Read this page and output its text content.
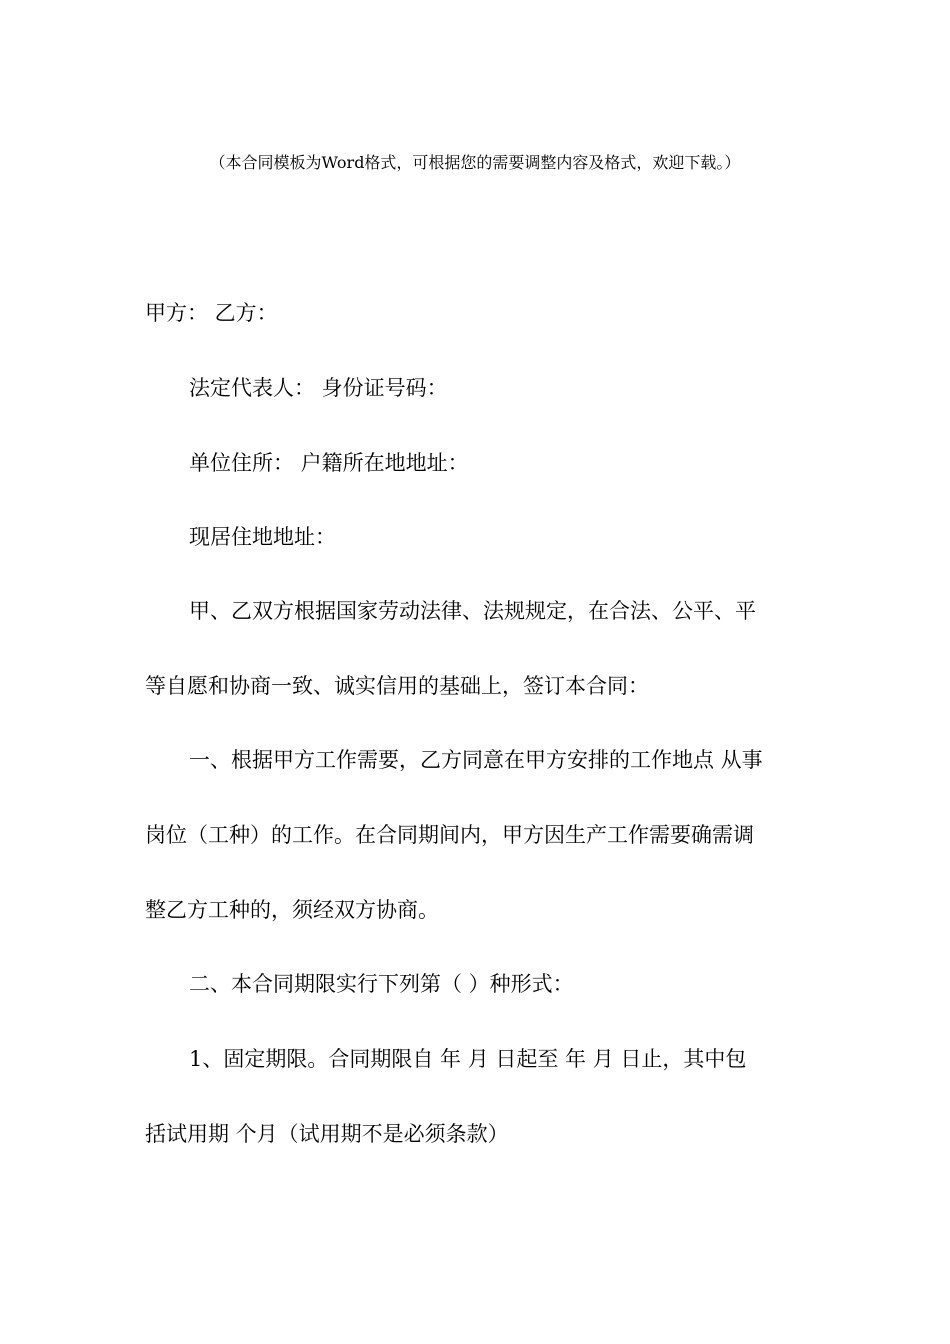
（本合同模板为Word格式，可根据您的需要调整内容及格式，欢迎下载。）
甲方： 乙方：
法定代表人： 身份证号码：
单位住所： 户籍所在地地址：
现居住地地址：
甲、乙双方根据国家劳动法律、法规规定，在合法、公平、平
等自愿和协商一致、诚实信用的基础上，签订本合同：
一、根据甲方工作需要，乙方同意在甲方安排的工作地点 从事
岗位（工种）的工作。在合同期间内，甲方因生产工作需要确需调
整乙方工种的，须经双方协商。
二、本合同期限实行下列第（ ）种形式：
1、固定期限。合同期限自 年 月 日起至 年 月 日止，其中包
括试用期 个月（试用期不是必须条款）
